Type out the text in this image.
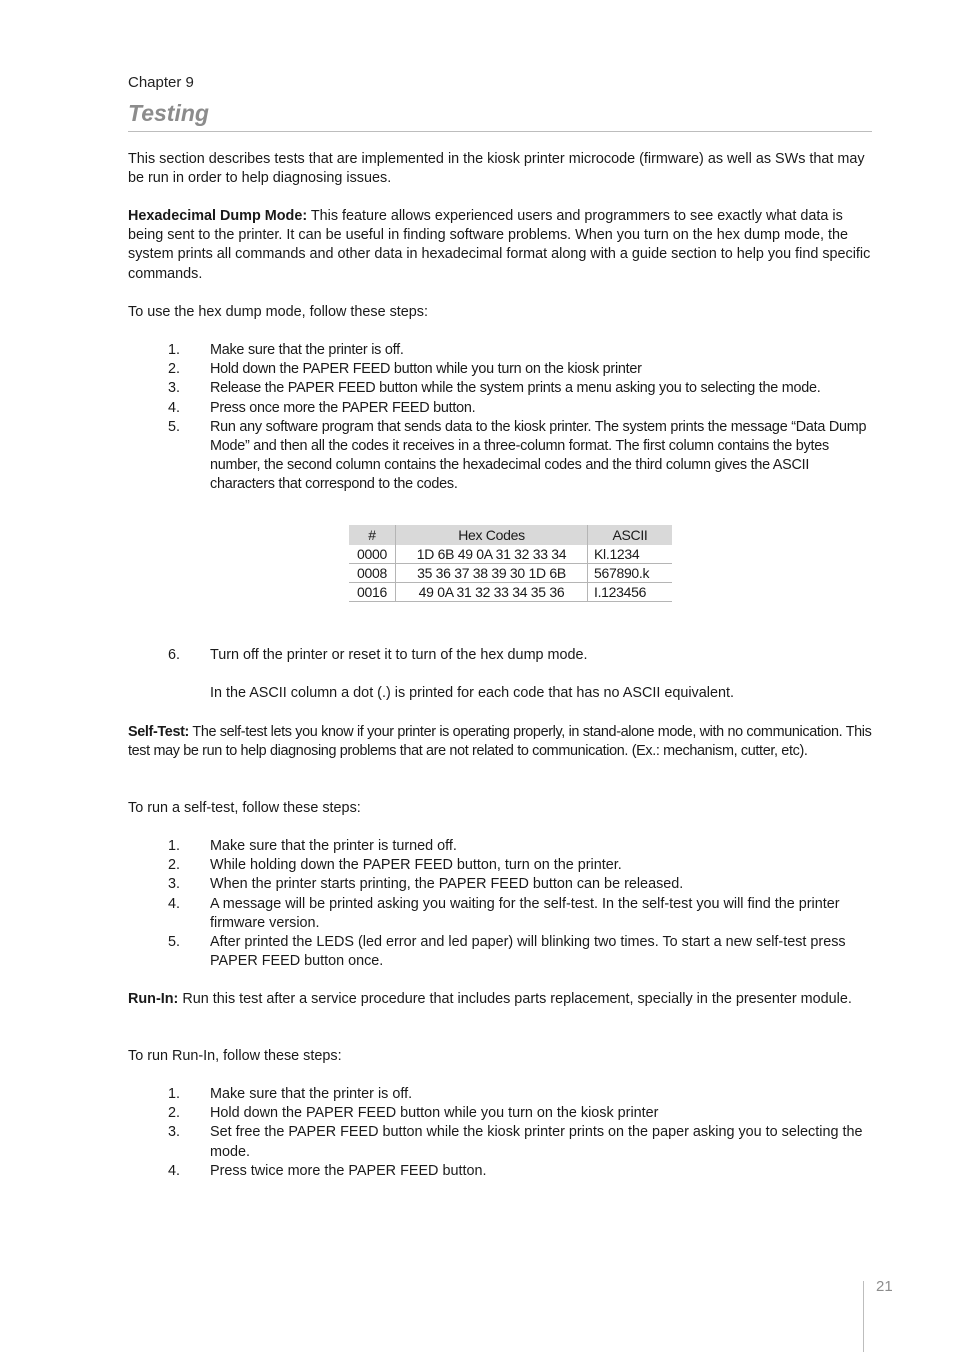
Chapter 9
Testing

This section describes tests that are implemented in the kiosk printer microcode (firmware) as well as SWs that may be run in order to help diagnosing issues.

Hexadecimal Dump Mode: This feature allows experienced users and programmers to see exactly what data is being sent to the printer. It can be useful in finding software problems. When you turn on the hex dump mode, the system prints all commands and other data in hexadecimal format along with a guide section to help you find specific commands.

To use the hex dump mode, follow these steps:

1.	Make sure that the printer is off.
2.	Hold down the PAPER FEED button while you turn on the kiosk printer
3.	Release the PAPER FEED button while the system prints a menu asking you to selecting the mode.
4.	Press once more the PAPER FEED button.
5.	Run any software program that sends data to the kiosk printer. The system prints the message “Data Dump Mode” and then all the codes it receives in a three-column format. The first column contains the bytes number, the second column contains the hexadecimal codes and the third column gives the ASCII characters that correspond to the codes.
#	Hex Codes	ASCII
0000	1D 6B 49 0A 31 32 33 34	Kl.1234
0008	35 36 37 38 39 30 1D 6B	567890.k
0016	49 0A 31 32 33 34 35 36	I.123456
6.	Turn off the printer or reset it to turn of the hex dump mode.
In the ASCII column a dot (.) is printed for each code that has no ASCII equivalent.

Self-Test: The self-test lets you know if your printer is operating properly, in stand-alone mode, with no communication. This test may be run to help diagnosing problems that are not related to communication. (Ex.: mechanism, cutter, etc).

To run a self-test, follow these steps:

1.	Make sure that the printer is turned off.
2.	While holding down the PAPER FEED button, turn on the printer.
3.	When the printer starts printing, the PAPER FEED button can be released.
4.	A message will be printed asking you waiting for the self-test. In the self-test you will find the printer firmware version.
5.	After printed the LEDS (led error and led paper) will blinking two times. To start a new self-test press PAPER FEED button once.

Run-In: Run this test after a service procedure that includes parts replacement, specially in the presenter module.

To run Run-In, follow these steps:

1.	Make sure that the printer is off.
2.	Hold down the PAPER FEED button while you turn on the kiosk printer
3.	Set free the PAPER FEED button while the kiosk printer prints on the paper asking you to selecting the mode.
4.	Press twice more the PAPER FEED button.
21
